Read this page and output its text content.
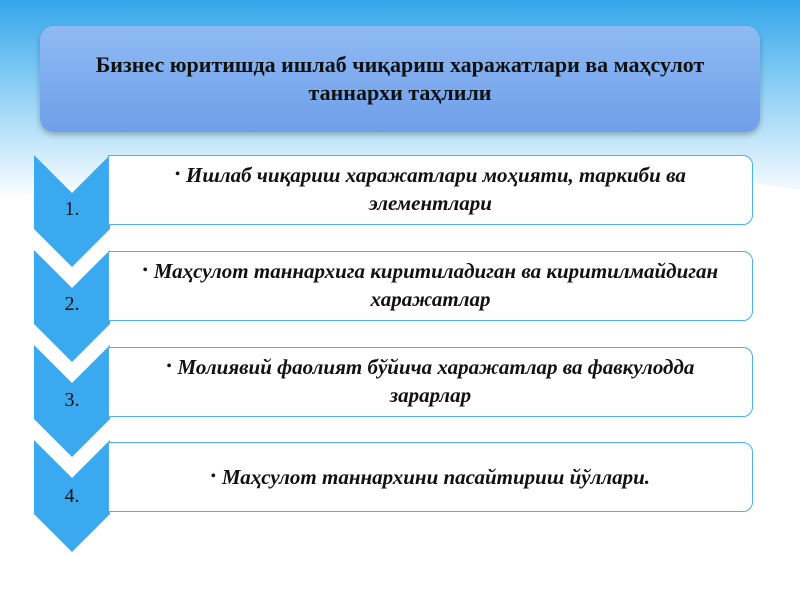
Бизнес юритишда ишлаб чиқариш харажатлари ва маҳсулот таннархи таҳлили
1.
• Ишлаб чиқариш харажатлари моҳияти, таркиби ва элементлари
2.
• Маҳсулот таннархига киритиладиган ва киритилмайдиган харажатлар
3.
• Молиявий фаолият бўйича харажатлар ва фавкулодда зарарлар
4.
• Маҳсулот таннархини пасайтириш йўллари.
